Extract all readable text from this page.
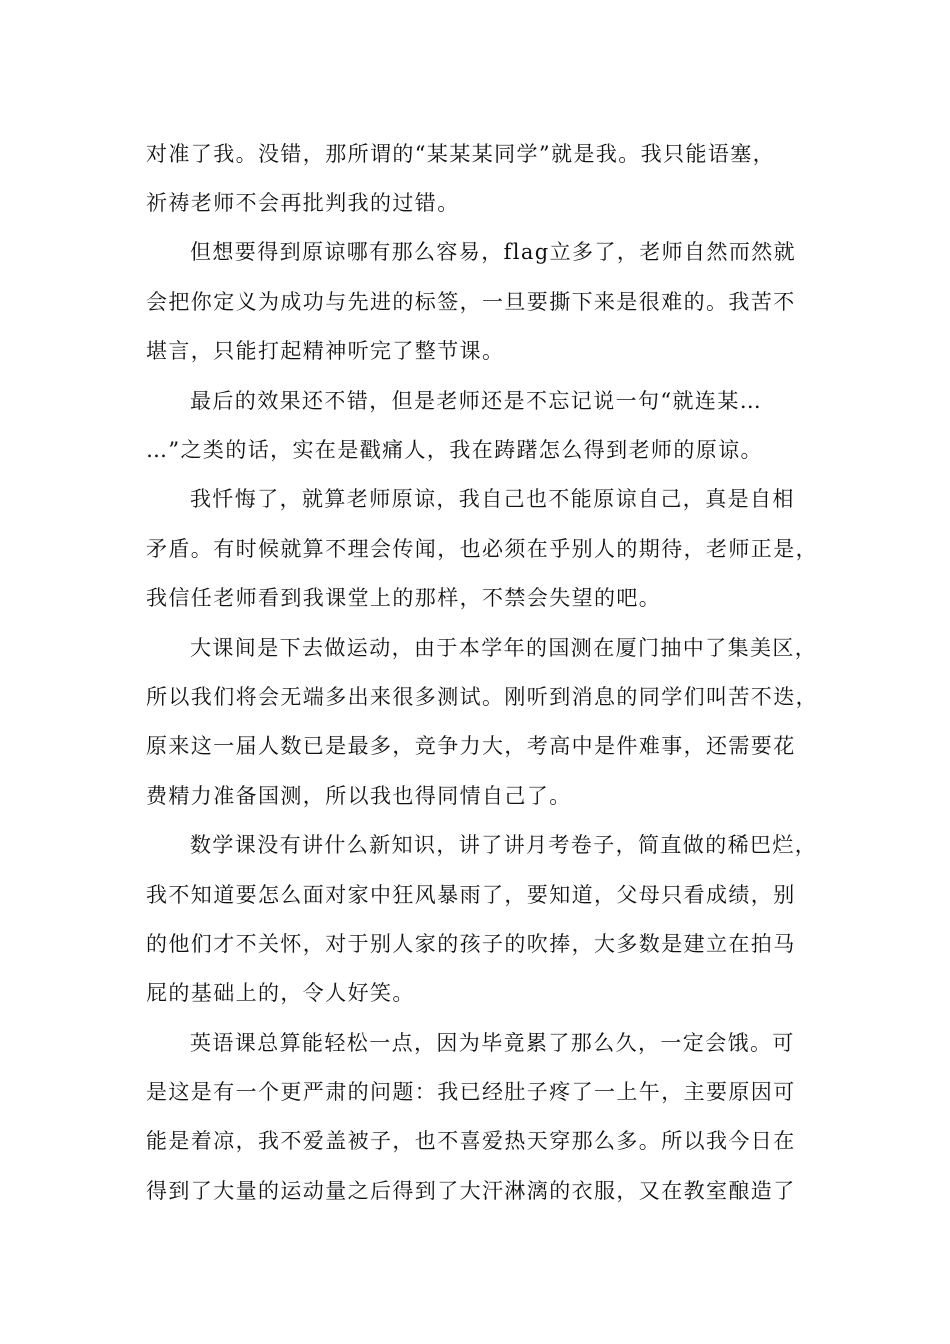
对准了我。没错，那所谓的“某某某同学”就是我。我只能语塞，
祈祷老师不会再批判我的过错。
但想要得到原谅哪有那么容易，flag立多了，老师自然而然就
会把你定义为成功与先进的标签，一旦要撕下来是很难的。我苦不
堪言，只能打起精神听完了整节课。
最后的效果还不错，但是老师还是不忘记说一句“就连某…
…”之类的话，实在是戳痛人，我在踌躇怎么得到老师的原谅。
我忏悔了，就算老师原谅，我自己也不能原谅自己，真是自相
矛盾。有时候就算不理会传闻，也必须在乎别人的期待，老师正是，
我信任老师看到我课堂上的那样，不禁会失望的吧。
大课间是下去做运动，由于本学年的国测在厦门抽中了集美区，
所以我们将会无端多出来很多测试。刚听到消息的同学们叫苦不迭，
原来这一届人数已是最多，竞争力大，考高中是件难事，还需要花
费精力准备国测，所以我也得同情自己了。
数学课没有讲什么新知识，讲了讲月考卷子，简直做的稀巴烂，
我不知道要怎么面对家中狂风暴雨了，要知道，父母只看成绩，别
的他们才不关怀，对于别人家的孩子的吹捧，大多数是建立在拍马
屁的基础上的，令人好笑。
英语课总算能轻松一点，因为毕竟累了那么久，一定会饿。可
是这是有一个更严肃的问题：我已经肚子疼了一上午，主要原因可
能是着凉，我不爱盖被子，也不喜爱热天穿那么多。所以我今日在
得到了大量的运动量之后得到了大汗淋漓的衣服，又在教室酿造了
